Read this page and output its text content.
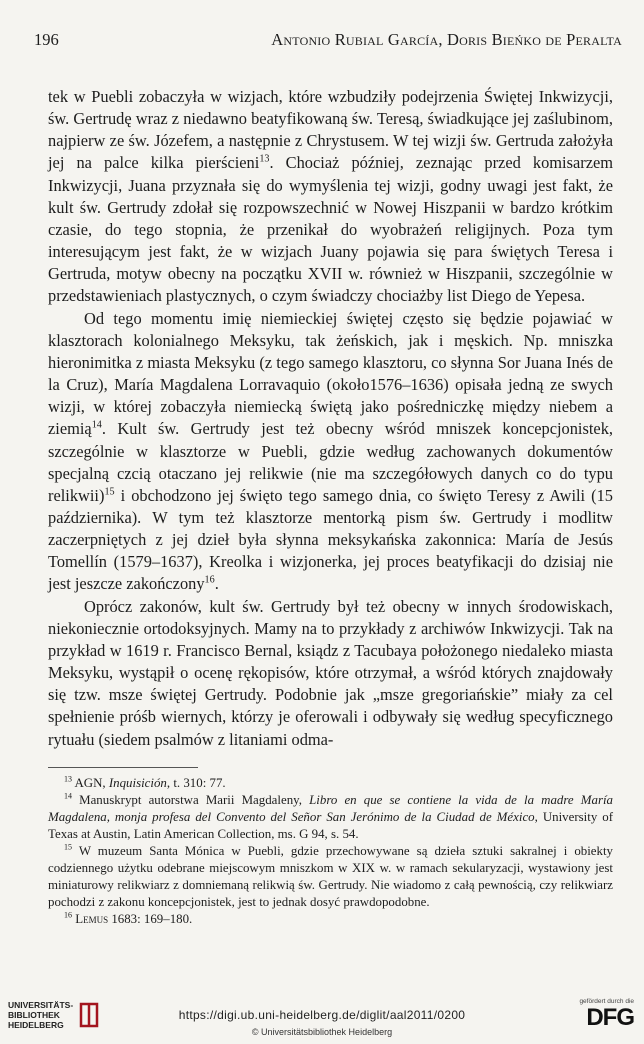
196	Antonio Rubial García, Doris Bieńko de Peralta

tek w Puebli zobaczyła w wizjach, które wzbudziły podejrzenia Świętej Inkwizycji, św. Gertrudę wraz z niedawno beatyfikowaną św. Teresą, świadkujące jej zaślubinom, najpierw ze św. Józefem, a następnie z Chrystusem. W tej wizji św. Gertruda założyła jej na palce kilka pierścieni$^{13}$. Chociaż później, zeznając przed komisarzem Inkwizycji, Juana przyznała się do wymyślenia tej wizji, godny uwagi jest fakt, że kult św. Gertrudy zdołał się rozpowszechnić w Nowej Hiszpanii w bardzo krótkim czasie, do tego stopnia, że przenikał do wyobrażeń religijnych. Poza tym interesującym jest fakt, że w wizjach Juany pojawia się para świętych Teresa i Gertruda, motyw obecny na początku XVII w. również w Hiszpanii, szczególnie w przedstawieniach plastycznych, o czym świadczy chociażby list Diego de Yepesa.

Od tego momentu imię niemieckiej świętej często się będzie pojawiać w klasztorach kolonialnego Meksyku, tak żeńskich, jak i męskich. Np. mniszka hieronimitka z miasta Meksyku (z tego samego klasztoru, co słynna Sor Juana Inés de la Cruz), María Magdalena Lorravaquio (około1576–1636) opisała jedną ze swych wizji, w której zobaczyła niemiecką świętą jako pośredniczkę między niebem a ziemią$^{14}$. Kult św. Gertrudy jest też obecny wśród mniszek koncepcjonistek, szczególnie w klasztorze w Puebli, gdzie według zachowanych dokumentów specjalną czcią otaczano jej relikwie (nie ma szczegółowych danych co do typu relikwii)$^{15}$ i obchodzono jej święto tego samego dnia, co święto Teresy z Awili (15 października). W tym też klasztorze mentorką pism św. Gertrudy i modlitw zaczerpniętych z jej dzieł była słynna meksykańska zakonnica: María de Jesús Tomellín (1579–1637), Kreolka i wizjonerka, jej proces beatyfikacji do dzisiaj nie jest jeszcze zakończony$^{16}$.

Oprócz zakonów, kult św. Gertrudy był też obecny w innych środowiskach, niekoniecznie ortodoksyjnych. Mamy na to przykłady z archiwów Inkwizycji. Tak na przykład w 1619 r. Francisco Bernal, ksiądz z Tacubaya położonego niedaleko miasta Meksyku, wystąpił o ocenę rękopisów, które otrzymał, a wśród których znajdowały się tzw. msze świętej Gertrudy. Podobnie jak „msze gregoriańskie” miały za cel spełnienie próśb wiernych, którzy je oferowali i odbywały się według specyficznego rytuału (siedem psalmów z litaniami odma-

$^{13}$ AGN, Inquisición, t. 310: 77.

$^{14}$ Manuskrypt autorstwa Marii Magdaleny, Libro en que se contiene la vida de la madre María Magdalena, monja profesa del Convento del Señor San Jerónimo de la Ciudad de México, University of Texas at Austin, Latin American Collection, ms. G 94, s. 54.

$^{15}$ W muzeum Santa Mónica w Puebli, gdzie przechowywane są dzieła sztuki sakralnej i obiekty codziennego użytku odebrane miejscowym mniszkom w XIX w. w ramach sekularyzacji, wystawiony jest miniaturowy relikwiarz z domniemaną relikwią św. Gertrudy. Nie wiadomo z całą pewnością, czy relikwiarz pochodzi z zakonu koncepcjonistek, jest to jednak dosyć prawdopodobne.

$^{16}$ Lemus 1683: 169–180.

UNIVERSITÄTS-
BIBLIOTHEK
HEIDELBERG
https://digi.ub.uni-heidelberg.de/diglit/aal2011/0200
© Universitätsbibliothek Heidelberg
gefördert durch die
DFG
